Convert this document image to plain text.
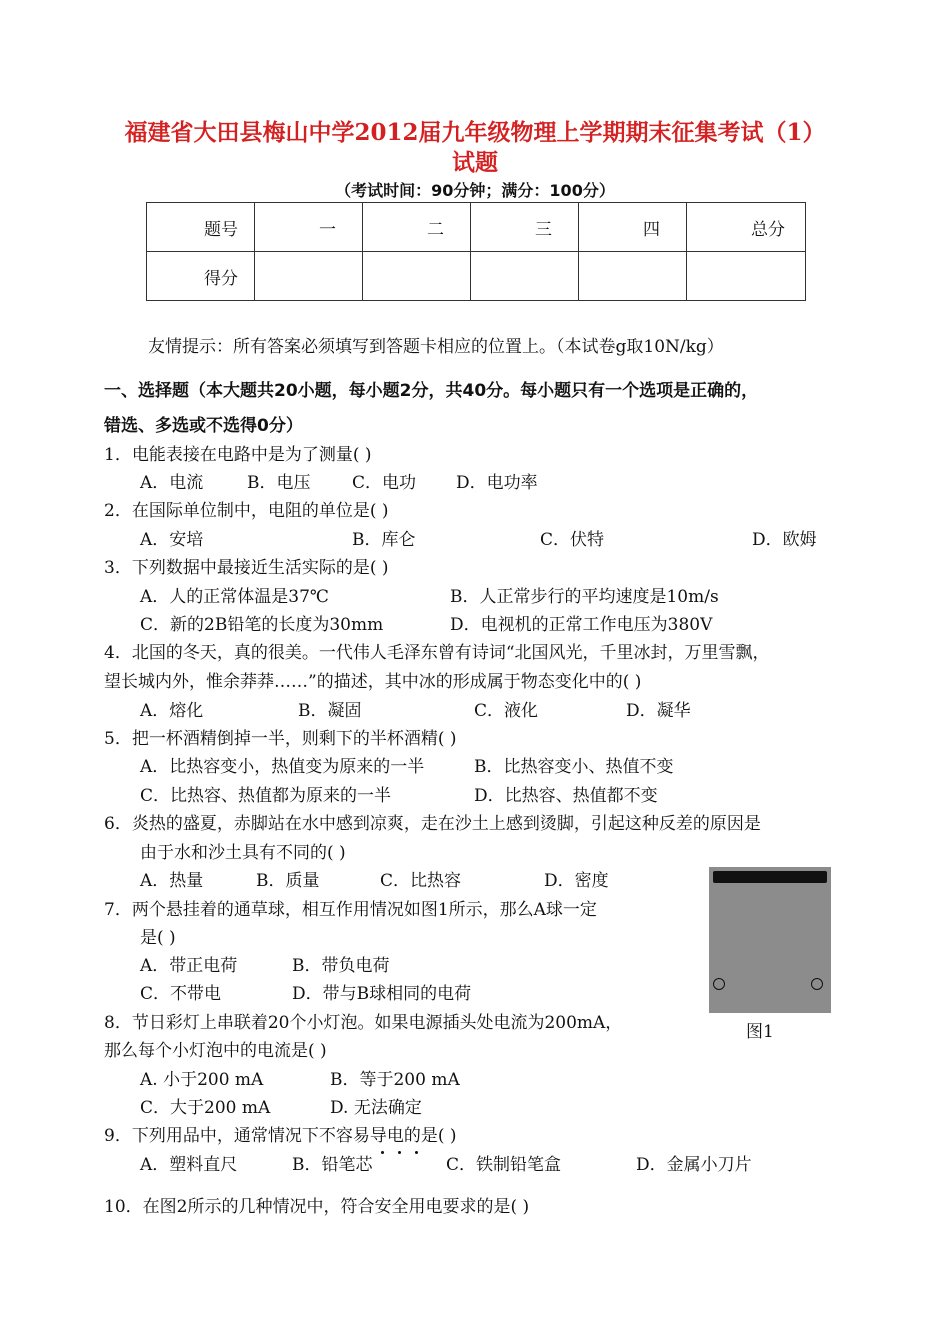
福建省大田县梅山中学2012届九年级物理上学期期末征集考试（1）
试题
（考试时间：90分钟；满分：100分）
题号	一	二	三	四	总分
得分					
友情提示：所有答案必须填写到答题卡相应的位置上。（本试卷g取10N/kg）
一、选择题（本大题共20小题，每小题2分，共40分。每小题只有一个选项是正确的，
错选、多选或不选得0分）
1．电能表接在电路中是为了测量( )
A．电流	B．电压 C．电功 D．电功率
2．在国际单位制中，电阻的单位是( )
A．安培	B．库仑	C．伏特	D．欧姆
3．下列数据中最接近生活实际的是( )
A．人的正常体温是37℃	B．人正常步行的平均速度是10m/s
C．新的2B铅笔的长度为30mm	D．电视机的正常工作电压为380V
4．北国的冬天，真的很美。一代伟人毛泽东曾有诗词“北国风光，千里冰封，万里雪飘，
望长城内外，惟余莽莽……”的描述，其中冰的形成属于物态变化中的( )
A．熔化	B．凝固	C．液化	D．凝华
5．把一杯酒精倒掉一半，则剩下的半杯酒精( )
A．比热容变小，热值变为原来的一半	B．比热容变小、热值不变
C．比热容、热值都为原来的一半	D．比热容、热值都不变
6．炎热的盛夏，赤脚站在水中感到凉爽，走在沙土上感到烫脚，引起这种反差的原因是
由于水和沙土具有不同的( )
A．热量	B．质量	C．比热容	D．密度
7．两个悬挂着的通草球，相互作用情况如图1所示，那么A球一定
是( )
A．带正电荷	B．带负电荷
C．不带电	D．带与B球相同的电荷
图1
8．节日彩灯上串联着20个小灯泡。如果电源插头处电流为200mA，
那么每个小灯泡中的电流是( )
A. 小于200 mA	B．等于200 mA
C．大于200 mA	D. 无法确定
9．下列用品中，通常情况下不容易导电的是( )
A．塑料直尺	B．铅笔芯	C．铁制铅笔盒	D．金属小刀片
10．在图2所示的几种情况中，符合安全用电要求的是( )
